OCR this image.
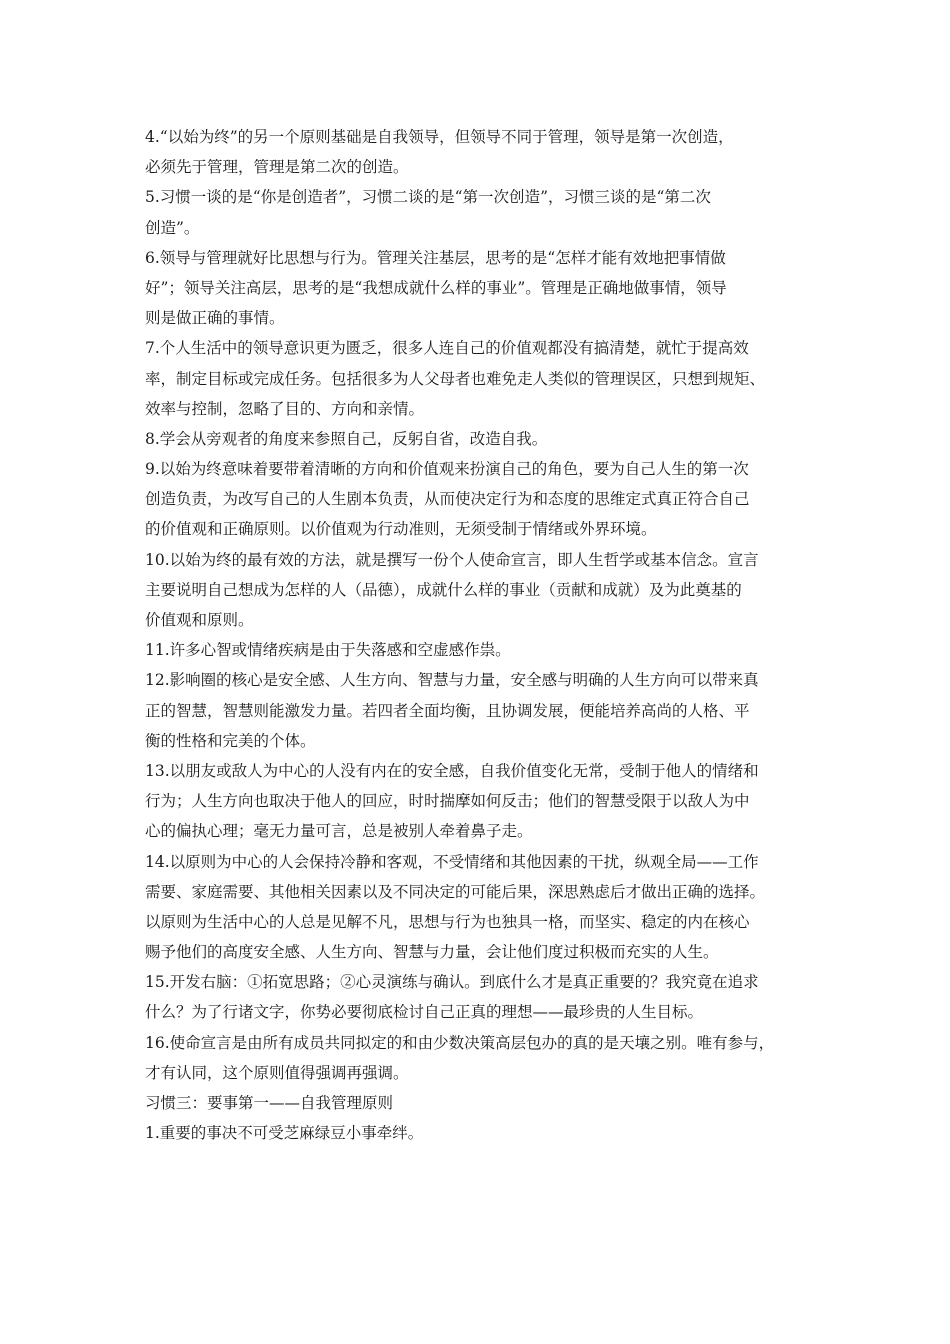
4.“以始为终”的另一个原则基础是自我领导，但领导不同于管理，领导是第一次创造，
必须先于管理，管理是第二次的创造。
5.习惯一谈的是“你是创造者”，习惯二谈的是“第一次创造”，习惯三谈的是“第二次
创造”。
6.领导与管理就好比思想与行为。管理关注基层，思考的是“怎样才能有效地把事情做
好”；领导关注高层，思考的是“我想成就什么样的事业”。管理是正确地做事情，领导
则是做正确的事情。
7.个人生活中的领导意识更为匮乏，很多人连自己的价值观都没有搞清楚，就忙于提高效
率，制定目标或完成任务。包括很多为人父母者也难免走人类似的管理误区，只想到规矩、
效率与控制，忽略了目的、方向和亲情。
8.学会从旁观者的角度来参照自己，反躬自省，改造自我。
9.以始为终意味着要带着清晰的方向和价值观来扮演自己的角色，要为自己人生的第一次
创造负责，为改写自己的人生剧本负责，从而使决定行为和态度的思维定式真正符合自己
的价值观和正确原则。以价值观为行动准则，无须受制于情绪或外界环境。
10.以始为终的最有效的方法，就是撰写一份个人使命宣言，即人生哲学或基本信念。宣言
主要说明自己想成为怎样的人（品德），成就什么样的事业（贡献和成就）及为此奠基的
价值观和原则。
11.许多心智或情绪疾病是由于失落感和空虚感作祟。
12.影响圈的核心是安全感、人生方向、智慧与力量，安全感与明确的人生方向可以带来真
正的智慧，智慧则能激发力量。若四者全面均衡，且协调发展，便能培养高尚的人格、平
衡的性格和完美的个体。
13.以朋友或敌人为中心的人没有内在的安全感，自我价值变化无常，受制于他人的情绪和
行为；人生方向也取决于他人的回应，时时揣摩如何反击；他们的智慧受限于以敌人为中
心的偏执心理；毫无力量可言，总是被别人牵着鼻子走。
14.以原则为中心的人会保持冷静和客观，不受情绪和其他因素的干扰，纵观全局——工作
需要、家庭需要、其他相关因素以及不同决定的可能后果，深思熟虑后才做出正确的选择。
以原则为生活中心的人总是见解不凡，思想与行为也独具一格，而坚实、稳定的内在核心
赐予他们的高度安全感、人生方向、智慧与力量，会让他们度过积极而充实的人生。
15.开发右脑：①拓宽思路；②心灵演练与确认。到底什么才是真正重要的？我究竟在追求
什么？为了行诸文字，你势必要彻底检讨自己正真的理想——最珍贵的人生目标。
16.使命宣言是由所有成员共同拟定的和由少数决策高层包办的真的是天壤之别。唯有参与，
才有认同，这个原则值得强调再强调。
习惯三：要事第一——自我管理原则
1.重要的事决不可受芝麻绿豆小事牵绊。
